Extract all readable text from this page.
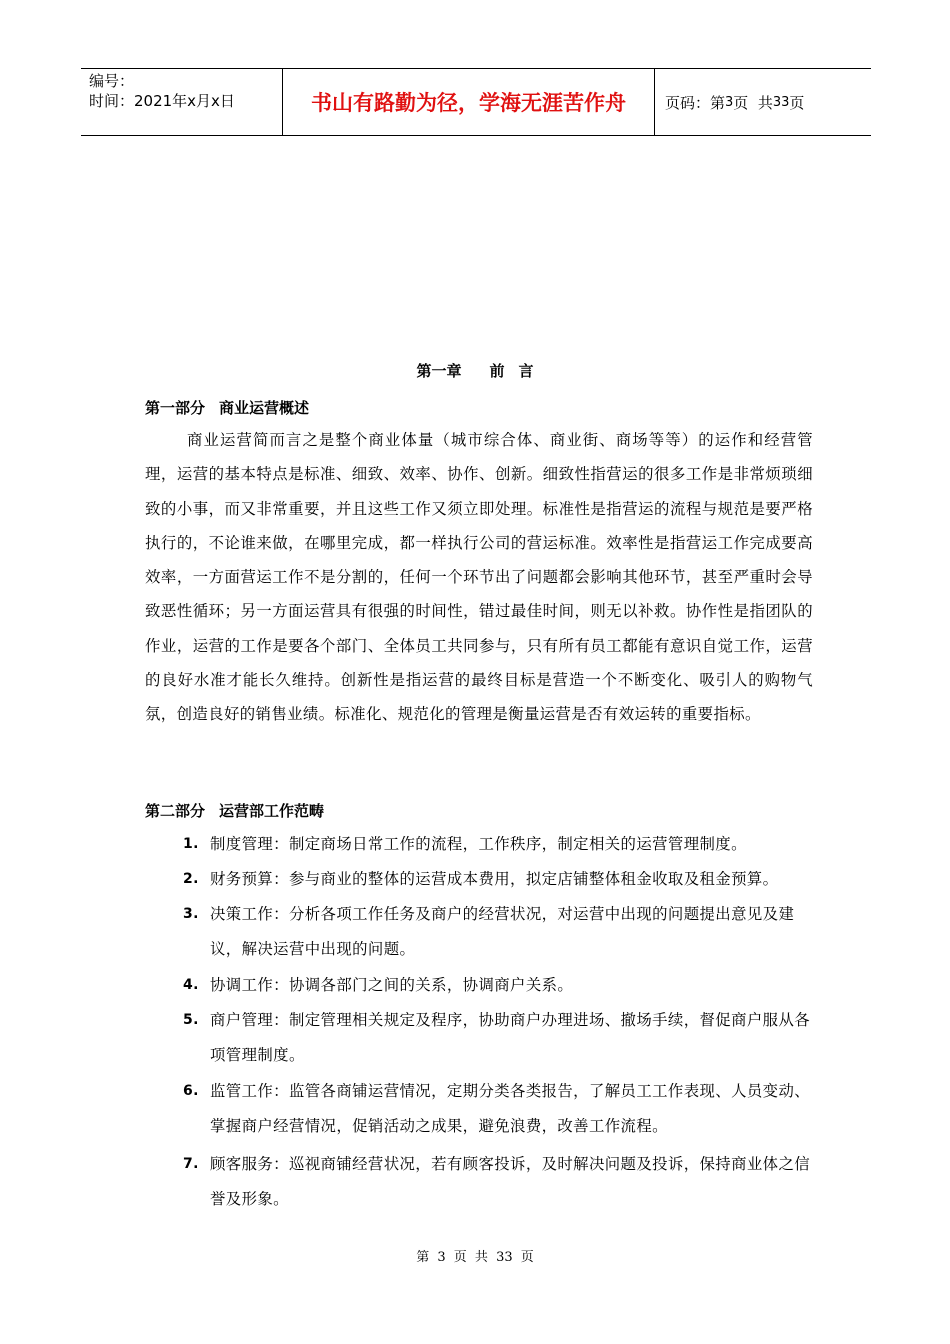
编号：
时间：2021年x月x日	书山有路勤为径，学海无涯苦作舟	页码：第 3 页  共 33 页
第一章 前 言
第一部分 商业运营概述
商业运营简而言之是整个商业体量（城市综合体、商业街、商场等等）的运作和经营管理，运营的基本特点是标准、细致、效率、协作、创新。细致性指营运的很多工作是非常烦琐细致的小事，而又非常重要，并且这些工作又须立即处理。标准性是指营运的流程与规范是要严格执行的，不论谁来做，在哪里完成，都一样执行公司的营运标准。效率性是指营运工作完成要高效率，一方面营运工作不是分割的，任何一个环节出了问题都会影响其他环节，甚至严重时会导致恶性循环；另一方面运营具有很强的时间性，错过最佳时间，则无以补救。协作性是指团队的作业，运营的工作是要各个部门、全体员工共同参与，只有所有员工都能有意识自觉工作，运营的良好水准才能长久维持。创新性是指运营的最终目标是营造一个不断变化、吸引人的购物气氛，创造良好的销售业绩。标准化、规范化的管理是衡量运营是否有效运转的重要指标。
第二部分 运营部工作范畴
1. 制度管理：制定商场日常工作的流程，工作秩序，制定相关的运营管理制度。
2. 财务预算：参与商业的整体的运营成本费用，拟定店铺整体租金收取及租金预算。
3. 决策工作：分析各项工作任务及商户的经营状况，对运营中出现的问题提出意见及建议，解决运营中出现的问题。
4. 协调工作：协调各部门之间的关系，协调商户关系。
5. 商户管理：制定管理相关规定及程序，协助商户办理进场、撤场手续，督促商户服从各项管理制度。
6. 监管工作：监管各商铺运营情况，定期分类各类报告，了解员工工作表现、人员变动、掌握商户经营情况，促销活动之成果，避免浪费，改善工作流程。
7. 顾客服务：巡视商铺经营状况，若有顾客投诉，及时解决问题及投诉，保持商业体之信誉及形象。
第 3 页 共 33 页
